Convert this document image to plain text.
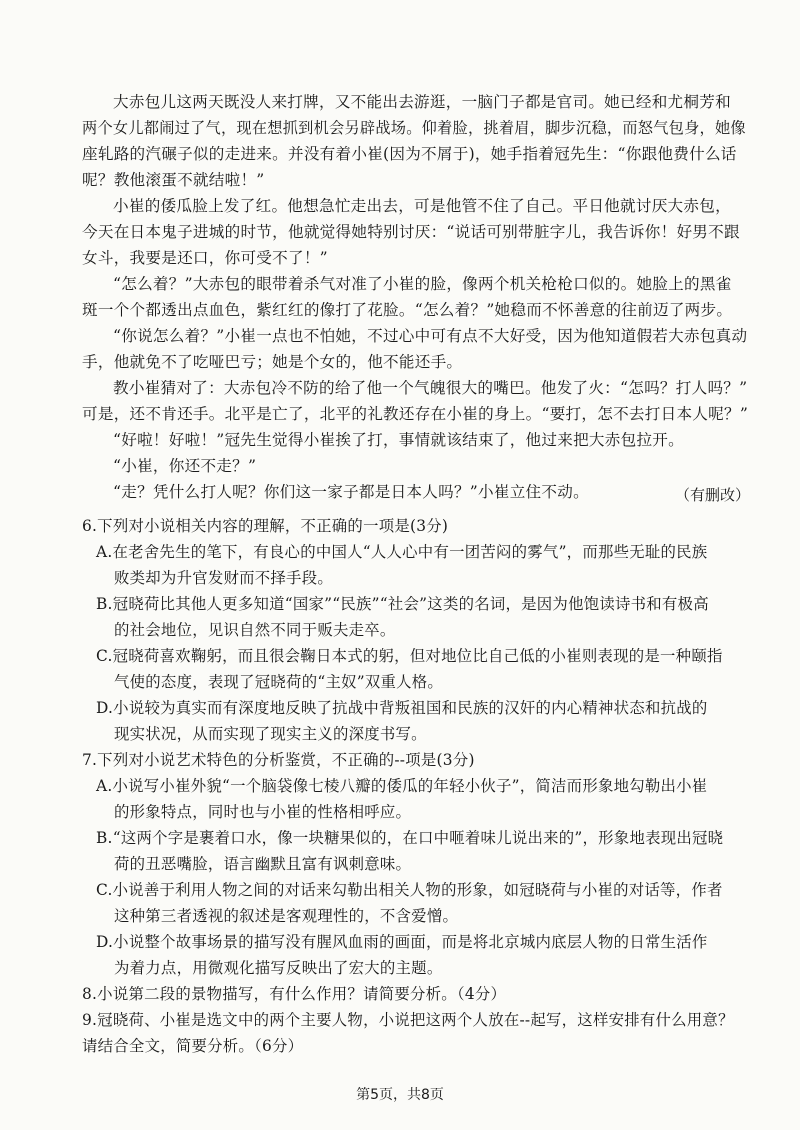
大赤包儿这两天既没人来打牌，又不能出去游逛，一脑门子都是官司。她已经和尤桐芳和
两个女儿都闹过了气，现在想抓到机会另辟战场。仰着脸，挑着眉，脚步沉稳，而怒气包身，她像
座轧路的汽碾子似的走进来。并没有着小崔(因为不屑于)，她手指着冠先生：“你跟他费什么话
呢？教他滚蛋不就结啦！”
小崔的倭瓜脸上发了红。他想急忙走出去，可是他管不住了自己。平日他就讨厌大赤包，
今天在日本鬼子进城的时节，他就觉得她特别讨厌：“说话可别带脏字儿，我告诉你！好男不跟
女斗，我要是还口，你可受不了！”
“怎么着？”大赤包的眼带着杀气对准了小崔的脸，像两个机关枪枪口似的。她脸上的黑雀
斑一个个都透出点血色，紫红红的像打了花脸。“怎么着？”她稳而不怀善意的往前迈了两步。
“你说怎么着？”小崔一点也不怕她，不过心中可有点不大好受，因为他知道假若大赤包真动
手，他就免不了吃哑巴亏；她是个女的，他不能还手。
教小崔猜对了：大赤包冷不防的给了他一个气魄很大的嘴巴。他发了火：“怎吗？打人吗？”
可是，还不肯还手。北平是亡了，北平的礼教还存在小崔的身上。“要打，怎不去打日本人呢？”
“好啦！好啦！”冠先生觉得小崔挨了打，事情就该结束了，他过来把大赤包拉开。
“小崔，你还不走？”
“走？凭什么打人呢？你们这一家子都是日本人吗？”小崔立住不动。	（有删改）
6.下列对小说相关内容的理解，不正确的一项是(3分)
A.在老舍先生的笔下，有良心的中国人“人人心中有一团苦闷的雾气”，而那些无耻的民族
败类却为升官发财而不择手段。
B.冠晓荷比其他人更多知道“国家”“民族”“社会”这类的名词，是因为他饱读诗书和有极高
的社会地位，见识自然不同于贩夫走卒。
C.冠晓荷喜欢鞠躬，而且很会鞠日本式的躬，但对地位比自己低的小崔则表现的是一种颐指
气使的态度，表现了冠晓荷的“主奴”双重人格。
D.小说较为真实而有深度地反映了抗战中背叛祖国和民族的汉奸的内心精神状态和抗战的
现实状况，从而实现了现实主义的深度书写。
7.下列对小说艺术特色的分析鉴赏，不正确的--项是(3分)
A.小说写小崔外貌“一个脑袋像七棱八瓣的倭瓜的年轻小伙子”，简洁而形象地勾勒出小崔
的形象特点，同时也与小崔的性格相呼应。
B.“这两个字是裹着口水，像一块糖果似的，在口中咂着味儿说出来的”，形象地表现出冠晓
荷的丑恶嘴脸，语言幽默且富有讽刺意味。
C.小说善于利用人物之间的对话来勾勒出相关人物的形象，如冠晓荷与小崔的对话等，作者
这种第三者透视的叙述是客观理性的，不含爱憎。
D.小说整个故事场景的描写没有腥风血雨的画面，而是将北京城内底层人物的日常生活作
为着力点，用微观化描写反映出了宏大的主题。
8.小说第二段的景物描写，有什么作用？请简要分析。（4分）
9.冠晓荷、小崔是选文中的两个主要人物，小说把这两个人放在--起写，这样安排有什么用意？
请结合全文，简要分析。（6分）
第5页，共8页
